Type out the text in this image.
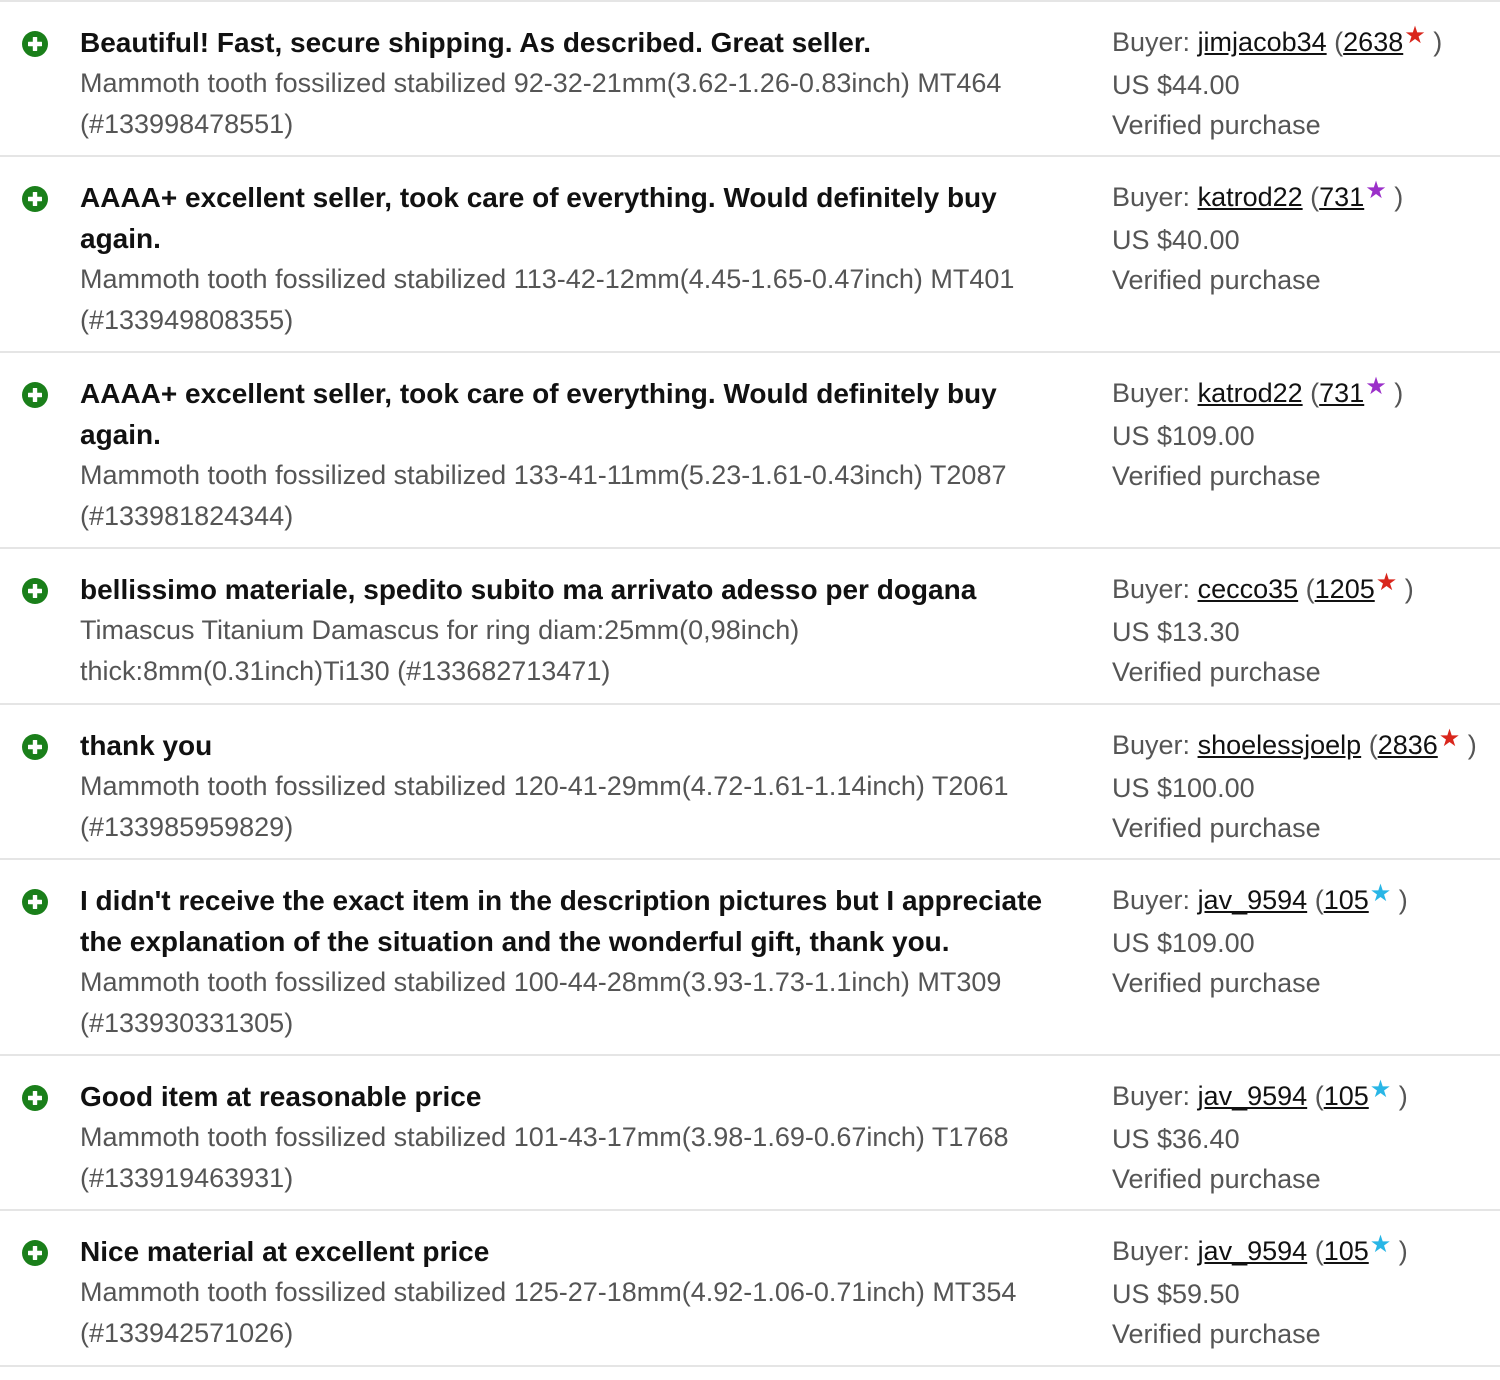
Beautiful! Fast, secure shipping. As described. Great seller.
Mammoth tooth fossilized stabilized 92-32-21mm(3.62-1.26-0.83inch) MT464 (#133998478551)
Buyer: jimjacob34 (2638★ )
US $44.00
Verified purchase
AAAA+ excellent seller, took care of everything. Would definitely buy again.
Mammoth tooth fossilized stabilized 113-42-12mm(4.45-1.65-0.47inch) MT401 (#133949808355)
Buyer: katrod22 (731★ )
US $40.00
Verified purchase
AAAA+ excellent seller, took care of everything. Would definitely buy again.
Mammoth tooth fossilized stabilized 133-41-11mm(5.23-1.61-0.43inch) T2087 (#133981824344)
Buyer: katrod22 (731★ )
US $109.00
Verified purchase
bellissimo materiale, spedito subito ma arrivato adesso per dogana
Timascus Titanium Damascus for ring diam:25mm(0,98inch) thick:8mm(0.31inch)Ti130 (#133682713471)
Buyer: cecco35 (1205★ )
US $13.30
Verified purchase
thank you
Mammoth tooth fossilized stabilized 120-41-29mm(4.72-1.61-1.14inch) T2061 (#133985959829)
Buyer: shoelessjoelp (2836★ )
US $100.00
Verified purchase
I didn't receive the exact item in the description pictures but I appreciate the explanation of the situation and the wonderful gift, thank you.
Mammoth tooth fossilized stabilized 100-44-28mm(3.93-1.73-1.1inch) MT309 (#133930331305)
Buyer: jav_9594 (105★ )
US $109.00
Verified purchase
Good item at reasonable price
Mammoth tooth fossilized stabilized 101-43-17mm(3.98-1.69-0.67inch) T1768 (#133919463931)
Buyer: jav_9594 (105★ )
US $36.40
Verified purchase
Nice material at excellent price
Mammoth tooth fossilized stabilized 125-27-18mm(4.92-1.06-0.71inch) MT354 (#133942571026)
Buyer: jav_9594 (105★ )
US $59.50
Verified purchase
